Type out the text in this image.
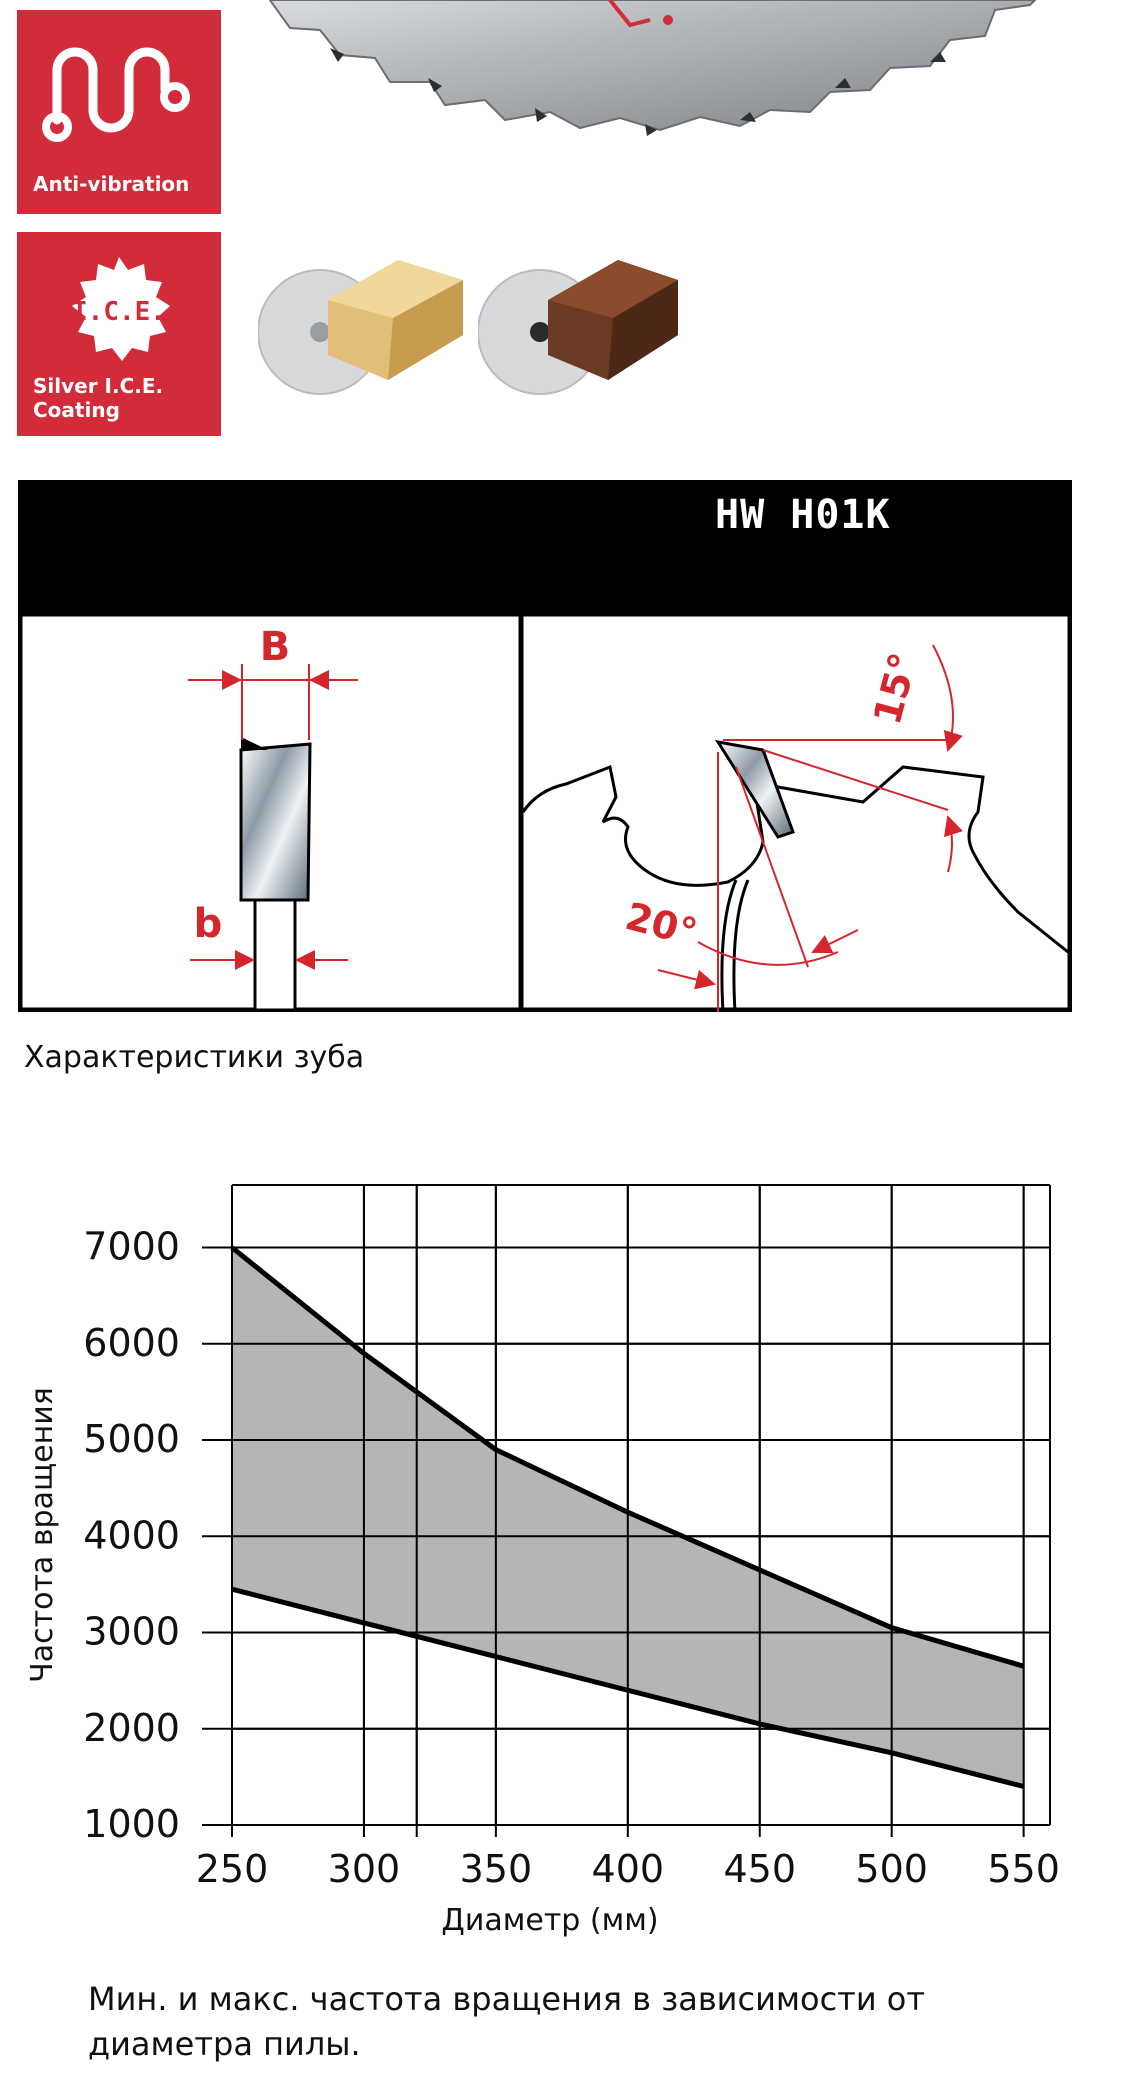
Anti-vibration
I.C.E.
Silver I.C.E.
Coating
HW H01K
B
b
15°
20°
Характеристики зуба
1000
2000
3000
4000
5000
6000
7000
250 300 350 400 450 500 550
Диаметр (мм)
Частота вращения
Мин. и макс. частота вращения в зависимости от диаметра пилы.
